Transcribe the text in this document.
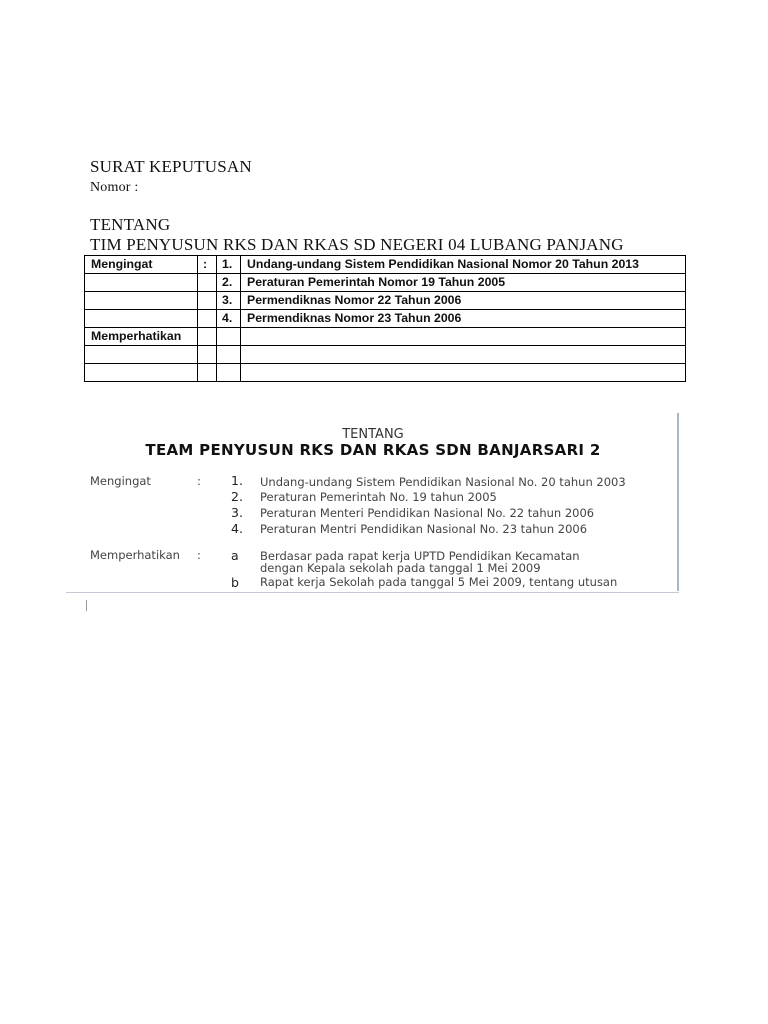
SURAT KEPUTUSAN
Nomor :
TENTANG
TIM PENYUSUN RKS DAN RKAS SD NEGERI 04 LUBANG PANJANG
Mengingat	:	1.	Undang-undang Sistem Pendidikan Nasional Nomor 20 Tahun 2013
		2.	Peraturan Pemerintah Nomor 19 Tahun 2005
		3.	Permendiknas Nomor 22 Tahun 2006
		4.	Permendiknas Nomor 23 Tahun 2006
Memperhatikan			

TENTANG
TEAM PENYUSUN RKS DAN RKAS SDN BANJARSARI 2
Mengingat	: 1. Undang-undang Sistem Pendidikan Nasional No. 20 tahun 2003
2. Peraturan Pemerintah No. 19 tahun 2005
3. Peraturan Menteri Pendidikan Nasional No. 22 tahun 2006
4. Peraturan Mentri Pendidikan Nasional No. 23 tahun 2006
Memperhatikan : a Berdasar pada rapat kerja UPTD Pendidikan Kecamatan
dengan Kepala sekolah pada tanggal 1 Mei 2009
b Rapat kerja Sekolah pada tanggal 5 Mei 2009, tentang utusan
